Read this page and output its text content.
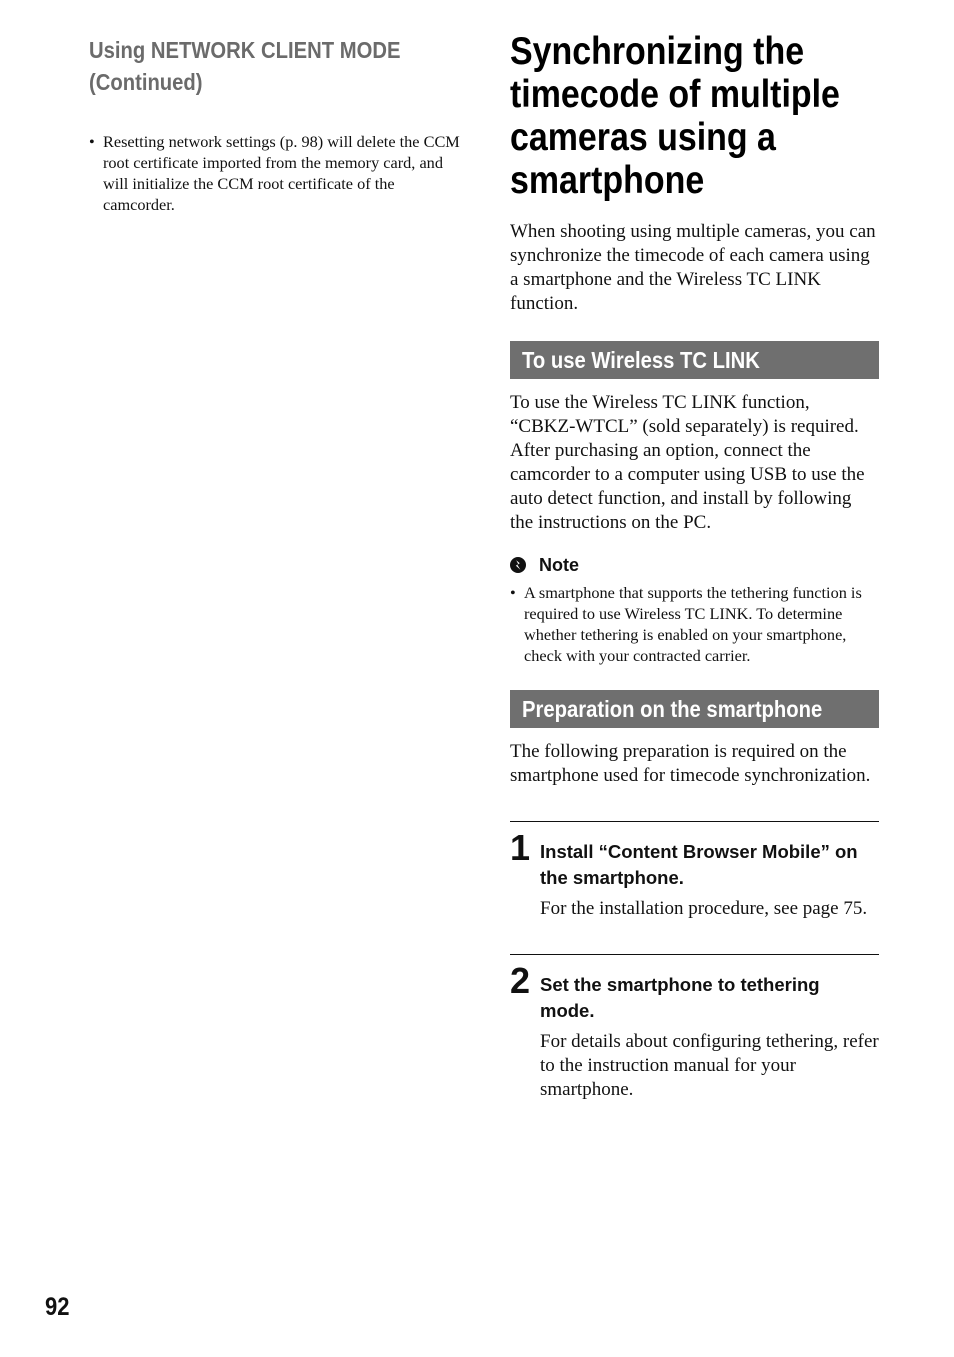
Using NETWORK CLIENT MODE
(Continued)
• Resetting network settings (p. 98) will delete the CCM root certificate imported from the memory card, and will initialize the CCM root certificate of the camcorder.
Synchronizing the
timecode of multiple
cameras using a
smartphone

When shooting using multiple cameras, you can synchronize the timecode of each camera using a smartphone and the Wireless TC LINK function.

To use Wireless TC LINK

To use the Wireless TC LINK function, “CBKZ-WTCL” (sold separately) is required.

After purchasing an option, connect the camcorder to a computer using USB to use the auto detect function, and install by following the instructions on the PC.

Note
• A smartphone that supports the tethering function is required to use Wireless TC LINK. To determine whether tethering is enabled on your smartphone, check with your contracted carrier.
Preparation on the smartphone

The following preparation is required on the smartphone used for timecode synchronization.

1 Install “Content Browser Mobile” on the smartphone.
For the installation procedure, see page 75.
2 Set the smartphone to tethering mode.
For details about configuring tethering, refer to the instruction manual for your smartphone.
92
